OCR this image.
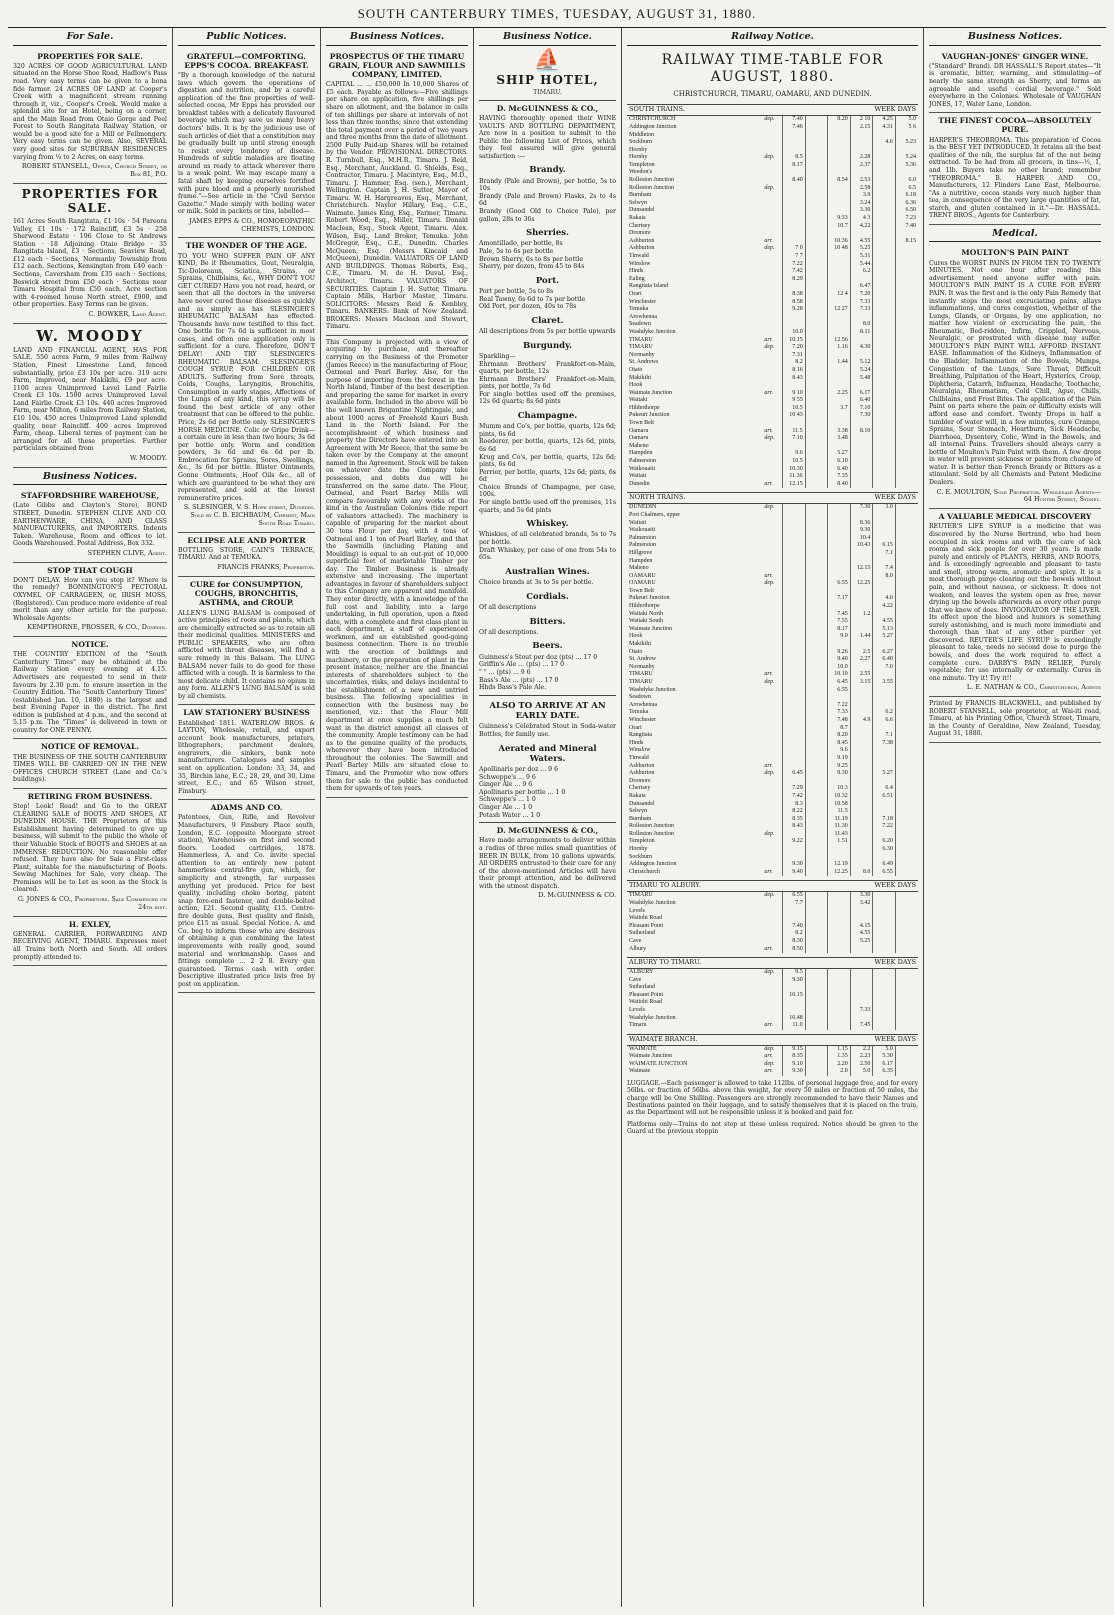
SOUTH CANTERBURY TIMES, TUESDAY, AUGUST 31, 1880.
For Sale.
PROPERTIES FOR SALE.
320 ACRES OF GOOD AGRICULTURAL LAND situated on the Horse Shoe Road, Hadlow's Pass road. Very easy terms can be given to a bona fide farmer. 24 ACRES OF LAND at Cooper's Creek with a magnificent stream running through it, viz., Cooper's Creek. Would make a splendid site for an Hotel, being on a corner, and the Main Road from Otaio Gorge and Peel Forest to South Rangitata Railway Station, or would be a good site for a Mill or Fellmongery. Very easy terms can be given. Also, SEVERAL very good sites for SUBURBAN RESIDENCES varying from ¼ to 2 Acres, on easy terms.
ROBERT STANSELL, Office, Church Street, or Box 81, P.O.
PROPERTIES FOR SALE.
161 Acres South Rangitata, £1 10s · 54 Pareora Valley, £1 10s · 172 Raincliff, £3 5s · 258 Sherwood Estate · 196 Close to St Andrews Station · 18 Adjoining Otaio Bridge · 35 Rangitata Island, £3 · Sections, Seaview Road, £12 each · Sections, Normanby Township from £12 each. Sections, Kensington from £40 each · Sections, Caversham from £35 each · Sections, Beswick street from £50 each · Sections near Timaru Hospital from £50 each. Acre section with 4-roomed house North street, £900, and other properties. Easy Terms can be given.
C. BOWKER, Land Agent.
W. MOODY
LAND AND FINANCIAL AGENT, HAS FOR SALE. 550 acres Farm, 9 miles from Railway Station, Finest Limestone Land, fenced substantially, price £3 10s per acre. 319 acre Farm, Improved, near Makikihi, £9 per acre. 1100 acres Unimproved Level Land Fairlie Creek £3 10s. 1500 acres Unimproved Level Land Fairlie Creek £3 10s. 440 acres Improved Farm, near Milton, 6 miles from Railway Station, £10 10s. 450 acres Unimproved Land splendid quality, near Raincliff. 400 acres Improved Farm, cheap. Liberal terms of payment can be arranged for all these properties. Further particulars obtained from
W. MOODY.
Business Notices.
STAFFORDSHIRE WAREHOUSE,
(Late Gibbs and Clayton's Store), BOND STREET, Dunedin. STEPHEN CLIVE AND CO. EARTHENWARE, CHINA, AND GLASS MANUFACTURERS, and IMPORTERS. Indents Taken. Warehouse, Room and offices to let. Goods Warehoused. Postal Address, Box 332.
STEPHEN CLIVE, Agent.
STOP THAT COUGH
DON'T DELAY. How can you stop it? Where is the remedy? BONNINGTON'S PECTORAL OXYMEL OF CARRAGEEN, or, IRISH MOSS, (Registered). Can produce more evidence of real merit than any other article for the purpose. Wholesale Agents:
KEMPTHORNE, PROSSER, & CO., Dunedin.
NOTICE.
THE COUNTRY EDITION of the "South Canterbury Times" may be obtained at the Railway Station every evening at 4.15. Advertisers are requested to send in their favours by 2.30 p.m. to ensure insertion in the Country Edition. The "South Canterbury Times" (established Jan. 10, 1880) is the largest and best Evening Paper in the district. The first edition is published at 4 p.m., and the second at 5.15 p.m. The "Times" is delivered in town or country for ONE PENNY.
NOTICE OF REMOVAL.
THE BUSINESS OF THE SOUTH CANTERBURY TIMES WILL BE CARRIED ON IN THE NEW OFFICES CHURCH STREET (Lane and Co.'s buildings).
RETIRING FROM BUSINESS.
Stop! Look! Read! and Go to the GREAT CLEARING SALE of BOOTS AND SHOES, AT DUNEDIN HOUSE. THE Proprietors of this Establishment having determined to give up business, will submit to the public the whole of their Valuable Stock of BOOTS and SHOES at an IMMENSE REDUCTION. No reasonable offer refused. They have also for Sale a First-class Plant, suitable for the manufacturing of Boots. Sewing Machines for Sale, very cheap. The Premises will be to Let as soon as the Stock is cleared.
G. JONES & CO., Proprietors. Sale Commenced on 24th inst.
H. EXLEY,
GENERAL CARRIER, FORWARDING AND RECEIVING AGENT, TIMARU. Expresses meet all Trains both North and South. All orders promptly attended to.
Public Notices.
GRATEFUL—COMFORTING. EPPS'S COCOA. BREAKFAST.
"By a thorough knowledge of the natural laws which govern the operations of digestion and nutrition, and by a careful application of the fine properties of well-selected cocoa, Mr Epps has provided our breakfast tables with a delicately flavoured beverage which may save us many heavy doctors' bills. It is by the judicious use of such articles of diet that a constitution may be gradually built up until strong enough to resist every tendency of disease. Hundreds of subtle maladies are floating around us ready to attack wherever there is a weak point. We may escape many a fatal shaft by keeping ourselves fortified with pure blood and a properly nourished frame."—See article in the "Civil Service Gazette." Made simply with boiling water or milk. Sold in packets or tins, labelled—
JAMES EPPS & CO., HOMOEOPATHIC CHEMISTS, LONDON.
THE WONDER OF THE AGE.
TO YOU WHO SUFFER PAIN OF ANY KIND, Be it Rheumatics, Gout, Neuralgia, Tic-Doloreaux, Sciatica, Strains, or Sprains, Chilblains, &c., WHY DON'T YOU GET CURED? Have you not read, heard, or seen that all the doctors in the universe have never cured those diseases as quickly and as simply as has SLESINGER'S RHEUMATIC BALSAM has effected. Thousands have now testified to this fact. One bottle for 7s 6d is sufficient in most cases, and often one application only is sufficient for a cure. Therefore, DON'T DELAY! AND TRY SLESINGER'S RHEUMATIC BALSAM. SLESINGER'S COUGH SYRUP. FOR CHILDREN OR ADULTS. Suffering from Sore throats, Colds, Coughs, Laryngitis, Bronchitis, Consumption in early stages, Affections of the Lungs of any kind, this syrup will be found the best article of any other treatment that can be offered to the public. Price, 2s 6d per Bottle only. SLESINGER'S HORSE MEDICINE. Colic or Gripe Drink—a certain cure in less than two hours; 3s 6d per bottle only. Worm and condition powders, 3s 6d and 6s 6d per lb. Embrocation for Sprains, Sores, Swellings, &c., 3s 6d per bottle. Blister Ointments, Gonne Ointments, Hoof Oils &c., all of which are guaranteed to be what they are represented, and sold at the lowest remunerative prices.
S. SLESINGER, V. S. Hope street, Dunedin. Sold by C. B. EICHBAUM, Chemist, Main South Road Timaru.
ECLIPSE ALE AND PORTER
BOTTLING STORE, CAIN'S TERRACE, TIMARU. And at TEMUKA.
FRANCIS FRANKS, Proprietor.
CURE for CONSUMPTION, COUGHS, BRONCHITIS, ASTHMA, and CROUP.
ALLEN'S LUNG BALSAM is composed of active principles of roots and plants, which are chemically extracted so as to retain all their medicinal qualities. MINISTERS and PUBLIC SPEAKERS, who are often afflicted with throat diseases, will find a sure remedy in this Balsam. The LUNG BALSAM never fails to do good for those afflicted with a cough. It is harmless to the most delicate child. It contains no opium in any form. ALLEN'S LUNG BALSAM is sold by all chemists.
LAW STATIONERY BUSINESS
Established 1811. WATERLOW BROS. & LAYTON, Wholesale, retail, and export account book manufacturers, printers, lithographers, parchment dealers, engravers, die sinkers, bank note manufacturers. Catalogues and samples sent on application. London: 33, 34, and 35, Birchin lane, E.C.; 28, 29, and 30, Lime street, E.C.; and 65 Wilson street, Finsbury.
ADAMS AND CO.
Patentees, Gun, Rifle, and Revolver Manufacturers, 9 Finsbury Place south, London, E.C. (opposite Moorgate street station), Warehouses on first and second floors. Loaded cartridges, 1878. Hammerless, A. and Co. invite special attention to an entirely new patent hammerless central-fire gun, which, for simplicity and strength, far surpasses anything yet produced. Price for best quality, including choke boring, patent snap fore-end fastener, and double-bolted action, £21. Second quality, £15. Centre-fire double guns, Best quality and finish, price £15 as usual. Special Notice. A. and Co. beg to inform those who are desirous of obtaining a gun combining the latest improvements with really good, sound material and workmanship. Cases and fittings complete ... 2 2 8. Every gun guaranteed. Terms cash with order. Descriptive illustrated price lists free by post on application.
Business Notices.
PROSPECTUS OF THE TIMARU GRAIN, FLOUR AND SAWMILLS COMPANY, LIMITED.
CAPITAL ... ... £50,000 In 10,000 Shares of £5 each. Payable as follows:—Five shillings per share on application, five shillings per share on allotment, and the balance in calls of ten shillings per share at intervals of not less than three months; since that extending the total payment over a period of two years and three months from the date of allotment. 2500 Fully Paid-up Shares will be retained by the Vendor. PROVISIONAL DIRECTORS. R. Turnbull, Esq., M.H.R., Timaru. J. Reid, Esq., Merchant, Auckland. G. Shields, Esq., Contractor, Timaru. J. Macintyre, Esq., M.D., Timaru. J. Hammer, Esq. (sen.), Merchant, Wellington. Captain J. H. Sutter, Mayor of Timaru. W. H. Hargreaves, Esq., Merchant, Christchurch. Naylor Hillary, Esq., C.E., Waimate. James King, Esq., Farmer, Timaru. Robert Wood, Esq., Miller, Timaru. Donald Maclean, Esq., Stock Agent, Timaru. Alex. Wilson, Esq., Land Broker, Temuka. John McGregor, Esq., C.E., Dunedin. Charles McQueen, Esq. (Messrs Kincaid and McQueen), Dunedin. VALUATORS OF LAND AND BUILDINGS. Thomas Roberts, Esq., C.E., Timaru. M. de H. Duval, Esq., Architect, Timaru. VALUATORS OF SECURITIES. Captain J. H. Sutter, Timaru. Captain Mills, Harbor Master, Timaru. SOLICITORS: Messrs Reid & Kenbley, Timaru. BANKERS: Bank of New Zealand. BROKERS: Messrs Maclean and Stewart, Timaru.
This Company is projected with a view of acquiring by purchase, and thereafter carrying on the Business of the Promoter (James Reece) in the manufacturing of Flour, Oatmeal and Pearl Barley. Also, for the purpose of importing from the forest in the North Island, Timber of the best description and preparing the same for market in every available form. Included in the above will be the well known Brigantine Nightingale, and about 1000 acres of Freehold Kauri Bush Land in the North Island. For the accomplishment of which business and property the Directors have entered into an Agreement with Mr Reece, that the same be taken over by the Company at the amount named in the Agreement. Stock will be taken on whatever date the Company take possession, and debts due will be transferred on the same date. The Flour, Oatmeal, and Pearl Barley Mills will compare favourably with any works of the kind in the Australian Colonies (tide report of valuators attached). The machinery is capable of preparing for the market about 30 tons Flour per day, with 4 tons of Oatmeal and 1 ton of Pearl Barley, and that the Sawmills (including Planing and Moulding) is equal to an out-put of 10,000 superficial feet of marketable Timber per day. The Timber Business is already extensive and increasing. The important advantages in favour of shareholders subject to this Company are apparent and manifold. They enter directly, with a knowledge of the full cost and liability, into a large undertaking, in full operation, upon a fixed date, with a complete and first class plant in each department, a staff of experienced workmen, and an established good-going business connection. There is no trouble with the erection of buildings and machinery, or the preparation of plant in the present instance; neither are the financial interests of shareholders subject to the uncertainties, risks, and delays incidental to the establishment of a new and untried business. The following specialities in connection with the business may be mentioned, viz.: that the Flour Mill department at once supplies a much felt want in the district amongst all classes of the community. Ample testimony can be had as to the genuine quality of the products, whereever they have been introduced throughout the colonies. The Sawmill and Pearl Barley Mills are situated close to Timaru, and the Promoter who now offers them for sale to the public has conducted them for upwards of ten years.
Business Notice.
⛵
SHIP HOTEL,
TIMARU.
D. McGUINNESS & CO.,
HAVING thoroughly opened their WINE VAULTS AND BOTTLING DEPARTMENT, Are now in a position to submit to the Public the following List of Prices, which they feel assured will give general satisfaction :—
Brandy.
Brandy (Pale and Brown), per bottle, 5s to 10s
Brandy (Pale and Brown) Flasks, 2s to 4s 6d
Brandy (Good Old to Choice Pale), per gallon, 28s to 36s
Sherries.
Amontillado, per bottle, 8s
Pale, 5s to 6s per bottle
Brown Sherry, 6s to 8s per bottle
Sherry, per dozen, from 45 to 84s
Port.
Port per bottle, 5s to 8s
Real Tawny, 6s 6d to 7s per bottle
Old Port, per dozen, 40s to 78s
Claret.
All descriptions from 5s per bottle upwards
Burgundy.
Sparkling—
Ehrmann Brothers' Frankfort-on-Main, quarts, per bottle, 12s
Ehrmann Brothers' Frankfort-on-Main, pints, per bottle, 7s 6d
For single bottles used off the premises, 12s 6d quarts; 8s 6d pints
Champagne.
Mumm and Co's, per bottle, quarts, 12s 6d; pints, 6s 6d
Roederer, per bottle, quarts, 12s 6d, pints, 6s 6d
Krug and Co's, per bottle, quarts, 12s 6d; pints, 6s 6d
Perrier, per bottle, quarts, 12s 6d; pints, 6s 6d
Choice Brands of Champagne, per case, 100s.
For single bottle used off the premises, 11s quarts, and 5s 6d pints
Whiskey.
Whiskies, of all celebrated brands, 5s to 7s per bottle.
Draft Whiskey, per case of one from 54s to 65s.
Australian Wines.
Choice brands at 3s to 5s per bottle.
Cordials.
Of all descriptions
Bitters.
Of all descriptions.
Beers.
Guinness's Stout per doz (pts) ... 17 0
Griffin's Ale ... (pts) ... 17 0
" " ... (pts) ... 9 6
Bass's Ale ... (pts) ... 17 0
Hhds Bass's Pale Ale.
ALSO TO ARRIVE AT AN EARLY DATE.
Guinness's Celebrated Stout in Soda-water Bottles, for family use.
Aerated and Mineral Waters.
Apollinaris per doz ... 9 6
Schweppe's ... 9 6
Ginger Ale ... 9 6
Apollinaris per bottle ... 1 0
Schweppe's ... 1 0
Ginger Ale ... 1 0
Potash Water ... 1 0
D. McGUINNESS & CO.,
Have made arrangements to deliver within a radius of three miles small quantities of BEER IN BULK, from 10 gallons upwards. All ORDERS entrusted to their care for any of the above-mentioned Articles will have their prompt attention, and be delivered with the utmost dispatch.
D. McGUINNESS & CO.
Railway Notice.
RAILWAY TIME-TABLE FOR AUGUST, 1880.
CHRISTCHURCH, TIMARU, OAMARU, AND DUNEDIN.
SOUTH TRAINS.	WEEK DAYS
CHRISTCHURCH	dep.	7.40		8.20	2 10	4.25	5.0
Addington Junction		7.46			2.15	4.31	5 6
Middleton							
Sockburn						4.6	5.23
Hornby							
Hornby	dep.	8.5			2.28		5.24
Templeton		8.17			2.37		5.36
Weedon's							
Rolleston Junction		8.40		8.54	2.53		6.0
Rolleston Junction	dep.				2.58		6.5
Burnham					3.9		6.18
Selwyn					3.24		6.36
Dunsandel					3.30		6.50
Rakaia				9.33	4 3		7.23
Chertsey				10.7	4.22		7.40
Dromore							
Ashburton	arr.			10.36	4.55		8.15
Ashburton	dep.	7 0		10 48	5.25		
Tinwald		7 7			5.31		
Winslow		7.22			5.44		
Hinds		7.42			6.2		
Ealing		8.29					
Rangitata Island					6.47		
Orari		8.38		12 4	7.20		
Winchester		8.58			7.33		
Temuka		9.28		12 27	7.33		
Arowhenua							
Seadown					8.0		
Washdyke Junction		10.0			8.11		
TIMARU	arr.	10.15		12.56			
TIMARU	dep.	7.20		1.16	4.30		
Normanby		7.31					
St. Andrews		8.2		1.44	5.12		
Otaio		8.16			5.24		
Makikihi		8.43			5.48		
Hook							
Waimate Junction	arr.	9 10		2.25	6.17		
Waitaki		9 55			6.40		
Hilderthorpe		10.5		3.7	7.10		
Pukeuri Junction		10 43			7.30		
Town Belt							
Oamaru	arr.	11.5		3.38	8.10		
Oamaru	dep.	7.10		3.48			
Maheno							
Hampden		9.6		5.27			
Palmerston		10.5		6.10			
Waikouaiti		10.30		6.40			
Waitati		11.36		7.35			
Dunedin	arr.	12.15		8.40			
NORTH TRAINS.	WEEK DAYS
DUNEDIN	dep.				7.30	3.0	
Port Chalmers, upper							
Waitati					8.36		
Waikouaiti					9.30		
Palmerston					10.4		
Palmerston					10.43	6.15	
Hillgrove						7.1	
Hampden							
Maheno					12.15	7.4	
OAMARU	arr.					8.0	
OAMARU	dep.			6.55	12.25		
Town Belt							
Pukeuri Junction				7.17		4.0	
Hilderthorpe						4.22	
Waitaki North				7.45	1.2		
Waitaki South				7.55		4.55	
Waimate Junction				8.17		5.13	
Hook				9.0	1.44	5.27	
Makikihi							
Otaio				9.26	2.5	6.27	
St. Andrew				9.40	2.27	6.40	
Normanby				10.0		7.0	
TIMARU	arr.			10.10	2.55		
TIMARU	dep.			6.45	3.15	3.55	
Washdyke Junction				6.55			
Seadown							
Arowhenua				7.22			
Temuka				7.33		6.2	
Winchester				7.48	4.9	6.6	
Orari				8.7			
Rangitata				8.20		7.1	
Hinds				8.45		7.38	
Winslow				9.6			
Tinwald				9.19			
Ashburton	arr.			9.25			
Ashburton	dep.	6.45		9.30		5.27	
Dromore							
Chertsey		7.29		10.3		6.4	
Rakaia		7.42		10.32		6.51	
Dunsandel		8.3		10.58			
Selwyn		8.22		11.5			
Burnham		8.35		11.19		7.18	
Rolleston Junction		8.43		11.30		7.22	
Rolleston Junction	dep.			11.43			
Templeton		9.22		1.51		6.20	
Hornby						6.30	
Sockburn							
Addington Junction		9.30		12.19		6.49	
Christchurch	arr.	9.40		12.25	8.0	6.55	
TIMARU TO ALBURY.	WEEK DAYS
TIMARU	dep.	6.55			3.30		
Washdyke Junction		7.7			3.42		
Levels							
Waitohi Road							
Pleasant Point		7.40			4.15		
Sutherland		8.2			4.55		
Cave		8.30			5.25		
Albury	arr.	8.50					
ALBURY TO TIMARU.	WEEK DAYS
ALBURY	dep.	9.5					
Cave		9.30					
Sutherland							
Pleasant Point		10.15					
Waitohi Road							
Levels					7.33		
Washdyke Junction		10.48					
Timaru	arr.	11.0			7.45		
WAIMATE BRANCH.	WEEK DAYS
WAIMATE	dep.	9.15		1.15	2.2	5.0	
Waimate Junction	arr.	8.35		1.35	2.23	5.30	
WAIMATE JUNCTION	dep.	9.10		2.20	2.50	6.17	
Waimate	arr.	9.30		2.0	5.0	6.35	
LUGGAGE.—Each passenger is allowed to take 112lbs. of personal luggage free, and for every 56lbs. or fraction of 56lbs. above this weight, for every 50 miles or fraction of 50 miles, the charge will be One Shilling. Passengers are strongly recommended to have their Names and Destinations painted on their luggage, and to satisfy themselves that it is placed on the train, as the Department will not be responsible unless it is booked and paid for.
Platforms only—Trains do not stop at these unless required. Notice should be given to the Guard at the previous stoppin
Business Notices.
VAUGHAN-JONES' GINGER WINE.
("Standard" Brand). DR HASSALL'S Report states—"It is aromatic, bitter, warming, and stimulating—of nearly the same strength as Sherry, and forms an agreeable and useful cordial beverage." Sold everywhere in the Colonies. Wholesale of VAUGHAN JONES, 17, Water Lane, London.
THE FINEST COCOA—ABSOLUTELY PURE.
HARPER'S THEOBROMA. This preparation of Cocoa is the BEST YET INTRODUCED. It retains all the best qualities of the nib, the surplus fat of the nut being extracted. To be had from all grocers, in tins—½, 1, and 1lb. Buyers take no other brand; remember "THEOBROMA." B. HARPER AND CO., Manufacturers, 12 Flinders Lane East, Melbourne. "As a nutritive, cocoa stands very much higher than tea, in consequence of the very large quantities of fat, starch, and gluten contained in it."—Dr. HASSALL. TRENT BROS., Agents for Canterbury.
Medical.
MOULTON'S PAIN PAINT
Cures the WORST PAINS IN FROM TEN TO TWENTY MINUTES. Not one hour after reading this advertisement need anyone suffer with pain. MOULTON'S PAIN PAINT IS A CURE FOR EVERY PAIN. It was the first and is the only Pain Remedy that instantly stops the most excruciating pains, allays inflammations, and cures congestion, whether of the Lungs, Glands, or Organs, by one application, no matter how violent or excruciating the pain, the Rheumatic, Bed-ridden, Infirm, Crippled, Nervous, Neuralgic, or prostrated with disease may suffer. MOULTON'S PAIN PAINT WILL AFFORD INSTANT EASE. Inflammation of the Kidneys, Inflammation of the Bladder, Inflammation of the Bowels, Mumps, Congestion of the Lungs, Sore Throat, Difficult Breathing, Palpitation of the Heart, Hysterics, Croup, Diphtheria, Catarrh, Influenza, Headache, Toothache, Neuralgia, Rheumatism, Cold Chill, Ague, Chills, Chilblains, and Frost Bites. The application of the Pain Paint on parts where the pain or difficulty exists will afford ease and comfort. Twenty Drops in half a tumbler of water will, in a few minutes, cure Cramps, Sprains, Sour Stomach, Heartburn, Sick Headache, Diarrhoea, Dysentery, Colic, Wind in the Bowels, and all internal Pains. Travellers should always carry a bottle of Moulton's Pain Paint with them. A few drops in water will prevent sickness or pains from change of water. It is better than French Brandy or Bitters as a stimulant. Sold by all Chemists and Patent Medicine Dealers.
C. E. MOULTON, Sole Proprietor. Wholesale Agents—64 Hunter Street, Sydney.
A VALUABLE MEDICAL DISCOVERY
REUTER'S LIFE SYRUP is a medicine that was discovered by the Nurse Bertrand, who had been occupied in sick rooms and with the care of sick rooms and sick people for over 30 years. Is made purely and entirely of PLANTS, HERBS, AND ROOTS, and is exceedingly agreeable and pleasant to taste and smell, strong warm, aromatic and spicy. It is a most thorough purge clearing out the bowels without pain, and without nausea, or sickness. It does not weaken, and leaves the system open as free, never drying up the bowels afterwards as every other purge that we know of does. INVIGORATOR OF THE LIVER. Its effect upon the blood and humors is something surely astonishing, and is much more immediate and thorough than that of any other purifier yet discovered. REUTER'S LIFE SYRUP is exceedingly pleasant to take, needs no second dose to purge the bowels, and does the work required to effect a complete cure. DARBY'S PAIN RELIEF, Purely vegetable; for use internally or externally. Cures in one minute. Try it! Try it!!
L. E. NATHAN & CO., Christchurch, Agents
Printed by FRANCIS BLACKWELL, and published by ROBERT STANSELL, sole proprietor, at Wai-iti road, Timaru, at his Printing Office, Church Street, Timaru, in the County of Geraldine, New Zealand, Tuesday, August 31, 1880.
